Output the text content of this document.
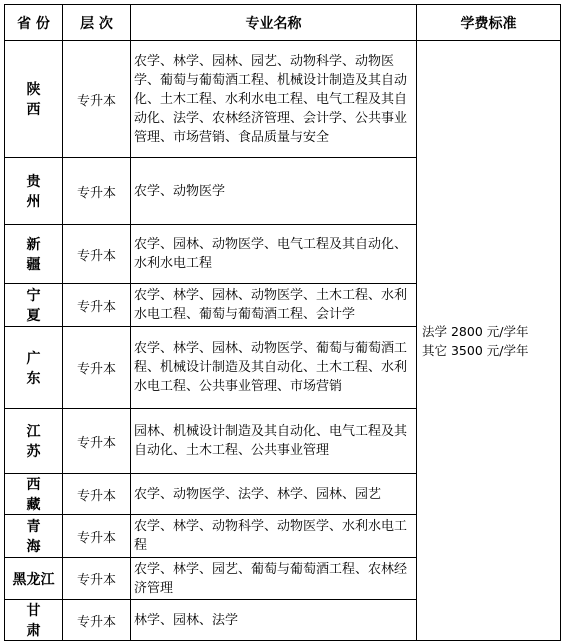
省 份	层 次	专业名称	学费标准
陕西	专升本	农学、林学、园林、园艺、动物科学、动物医学、葡萄与葡萄酒工程、机械设计制造及其自动化、土木工程、水利水电工程、电气工程及其自动化、法学、农林经济管理、会计学、公共事业管理、市场营销、食品质量与安全	法学 2800 元/学年
其它 3500 元/学年

贵州	专升本	农学、动物医学	
新疆	专升本	农学、园林、动物医学、电气工程及其自动化、水利水电工程	
宁夏	专升本	农学、林学、园林、动物医学、土木工程、水利水电工程、葡萄与葡萄酒工程、会计学	
广东	专升本	农学、林学、园林、动物医学、葡萄与葡萄酒工程、机械设计制造及其自动化、土木工程、水利水电工程、公共事业管理、市场营销	
江苏	专升本	园林、机械设计制造及其自动化、电气工程及其自动化、土木工程、公共事业管理	
西藏	专升本	农学、动物医学、法学、林学、园林、园艺	
青海	专升本	农学、林学、动物科学、动物医学、水利水电工程	
黑龙江	专升本	农学、林学、园艺、葡萄与葡萄酒工程、农林经济管理	
甘肃	专升本	林学、园林、法学	
